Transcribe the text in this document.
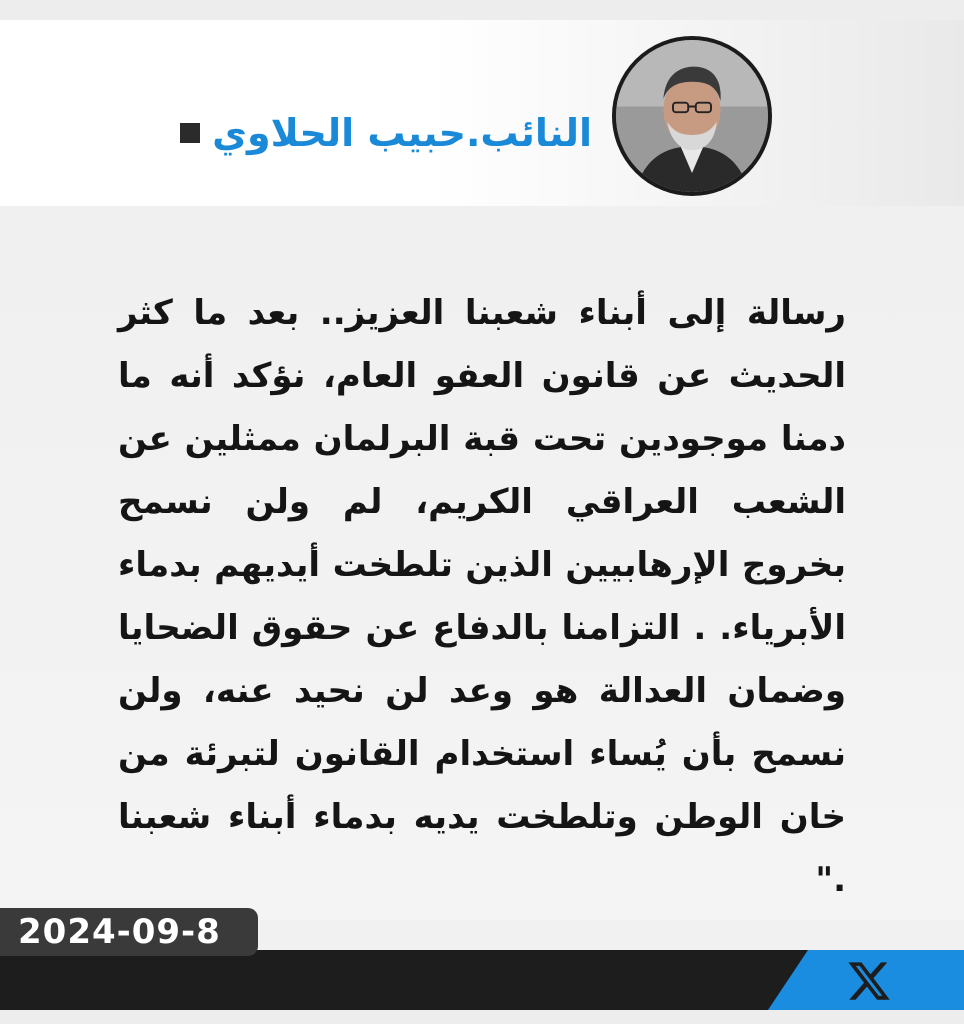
النائب.حبيب الحلاوي

رسالة إلى أبناء شعبنا العزيز.. بعد ما كثر الحديث عن قانون العفو العام، نؤكد أنه ما دمنا موجودين تحت قبة البرلمان ممثلين عن الشعب العراقي الكريم، لم ولن نسمح بخروج الإرهابيين الذين تلطخت أيديهم بدماء الأبرياء. . التزامنا بالدفاع عن حقوق الضحايا وضمان العدالة هو وعد لن نحيد عنه، ولن نسمح بأن يُساء استخدام القانون لتبرئة من خان الوطن وتلطخت يديه بدماء أبناء شعبنا ."

2024-09-8
